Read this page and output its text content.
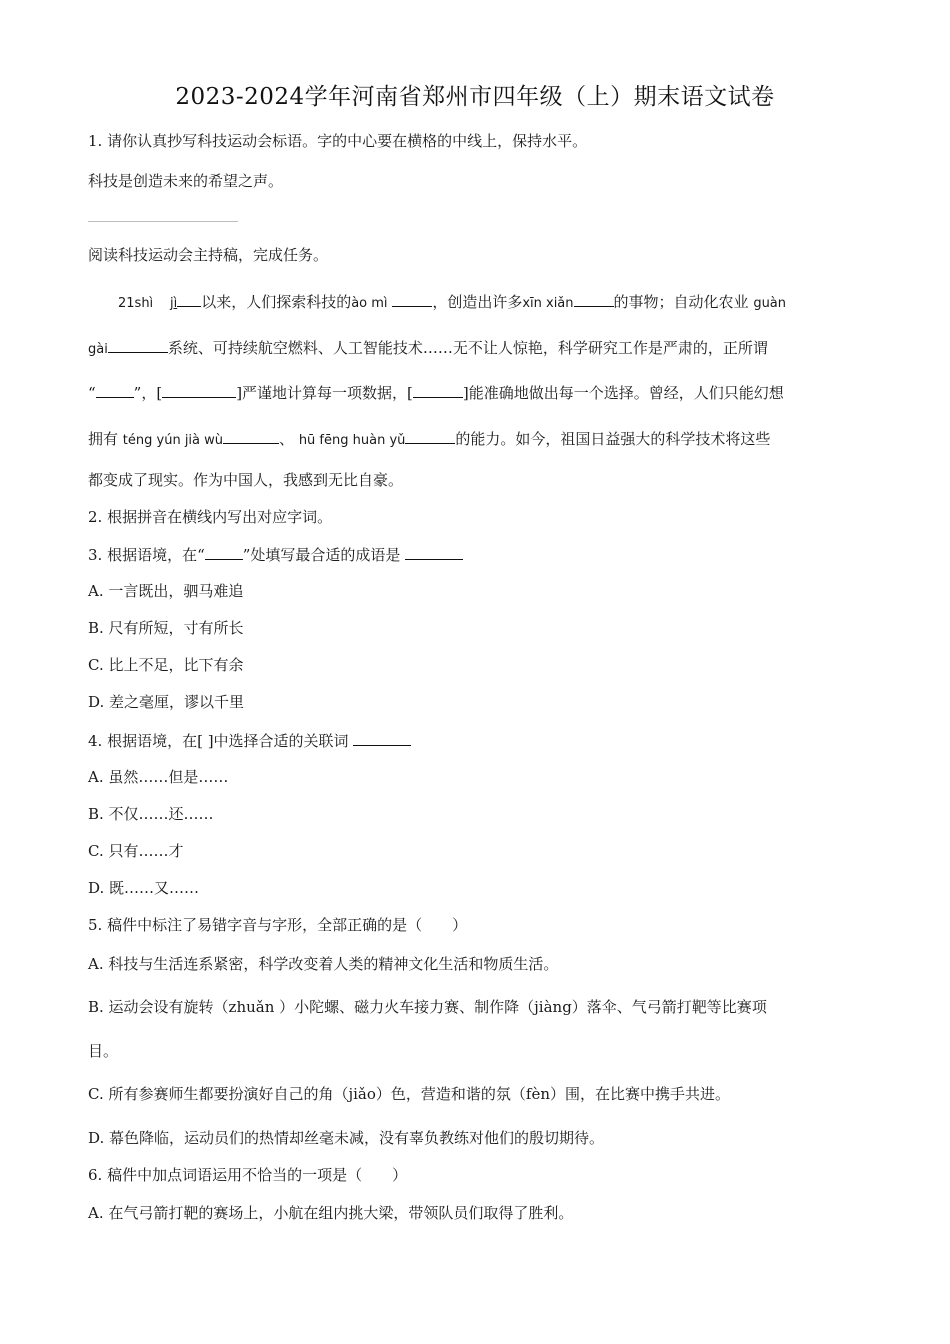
2023-2024学年河南省郑州市四年级（上）期末语文试卷
1. 请你认真抄写科技运动会标语。字的中心要在横格的中线上，保持水平。
科技是创造未来的希望之声。
阅读科技运动会主持稿，完成任务。
21shì jì 以来，人们探索科技的ào mì	，创造出许多xīn xiǎn	的事物；自动化农业 guàn
gài	系统、可持续航空燃料、人工智能技术……无不让人惊艳，科学研究工作是严肃的，正所谓
“	”，[	]严谨地计算每一项数据，[	]能准确地做出每一个选择。曾经，人们只能幻想
拥有 téng yún jià wù	、 hū fēng huàn yǔ	的能力。如今，祖国日益强大的科学技术将这些
都变成了现实。作为中国人，我感到无比自豪。
2. 根据拼音在横线内写出对应字词。
3. 根据语境，在“	”处填写最合适的成语是
A. 一言既出，驷马难追
B. 尺有所短，寸有所长
C. 比上不足，比下有余
D. 差之毫厘，谬以千里
4. 根据语境，在[ ]中选择合适的关联词
A. 虽然……但是……
B. 不仅……还……
C. 只有……才
D. 既……又……
5. 稿件中标注了易错字音与字形，全部正确的是（　　）
A. 科技与生活连系紧密，科学改变着人类的精神文化生活和物质生活。
B. 运动会设有旋转（zhuǎn ）小陀螺、磁力火车接力赛、制作降（jiàng）落伞、气弓箭打靶等比赛项
目。
C. 所有参赛师生都要扮演好自己的角（jiǎo）色，营造和谐的氛（fèn）围，在比赛中携手共进。
D. 幕色降临，运动员们的热情却丝毫未减，没有辜负教练对他们的殷切期待。
6. 稿件中加点词语运用不恰当的一项是（　　）
A. 在气弓箭打靶的赛场上，小航在组内挑大梁，带领队员们取得了胜利。
